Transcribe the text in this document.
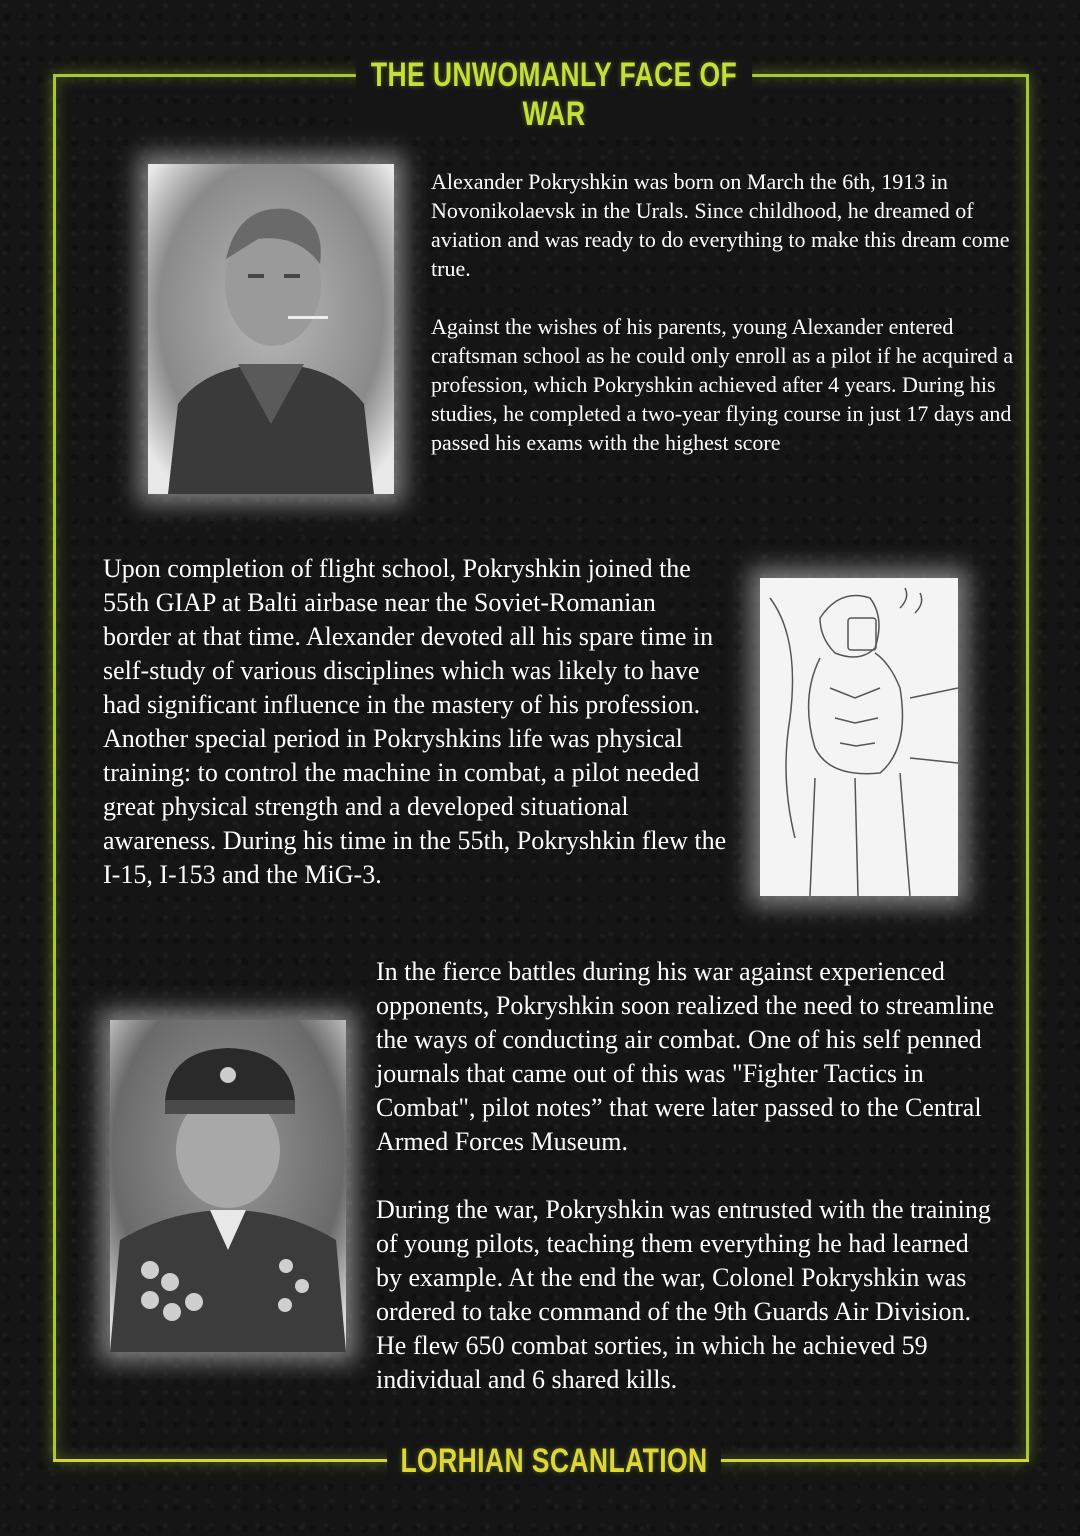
THE UNWOMANLY FACE OF WAR
LORHIAN SCANLATION

Alexander Pokryshkin was born on March the 6th, 1913 in Novonikolaevsk in the Urals. Since childhood, he dreamed of aviation and was ready to do everything to make this dream come true.

Against the wishes of his parents, young Alexander entered craftsman school as he could only enroll as a pilot if he acquired a profession, which Pokryshkin achieved after 4 years. During his studies, he completed a two-year flying course in just 17 days and passed his exams with the highest score

Upon completion of flight school, Pokryshkin joined the 55th GIAP at Balti airbase near the Soviet-Romanian border at that time. Alexander devoted all his spare time in self-study of various disciplines which was likely to have had significant influence in the mastery of his profession. Another special period in Pokryshkins life was physical training: to control the machine in combat, a pilot needed great physical strength and a developed situational awareness. During his time in the 55th, Pokryshkin flew the I-15, I-153 and the MiG-3.

In the fierce battles during his war against experienced opponents, Pokryshkin soon realized the need to streamline the ways of conducting air combat. One of his self penned journals that came out of this was "Fighter Tactics in Combat", pilot notes” that were later passed to the Central Armed Forces Museum.

During the war, Pokryshkin was entrusted with the training of young pilots, teaching them everything he had learned by example. At the end the war, Colonel Pokryshkin was ordered to take command of the 9th Guards Air Division. He flew 650 combat sorties, in which he achieved 59 individual and 6 shared kills.
